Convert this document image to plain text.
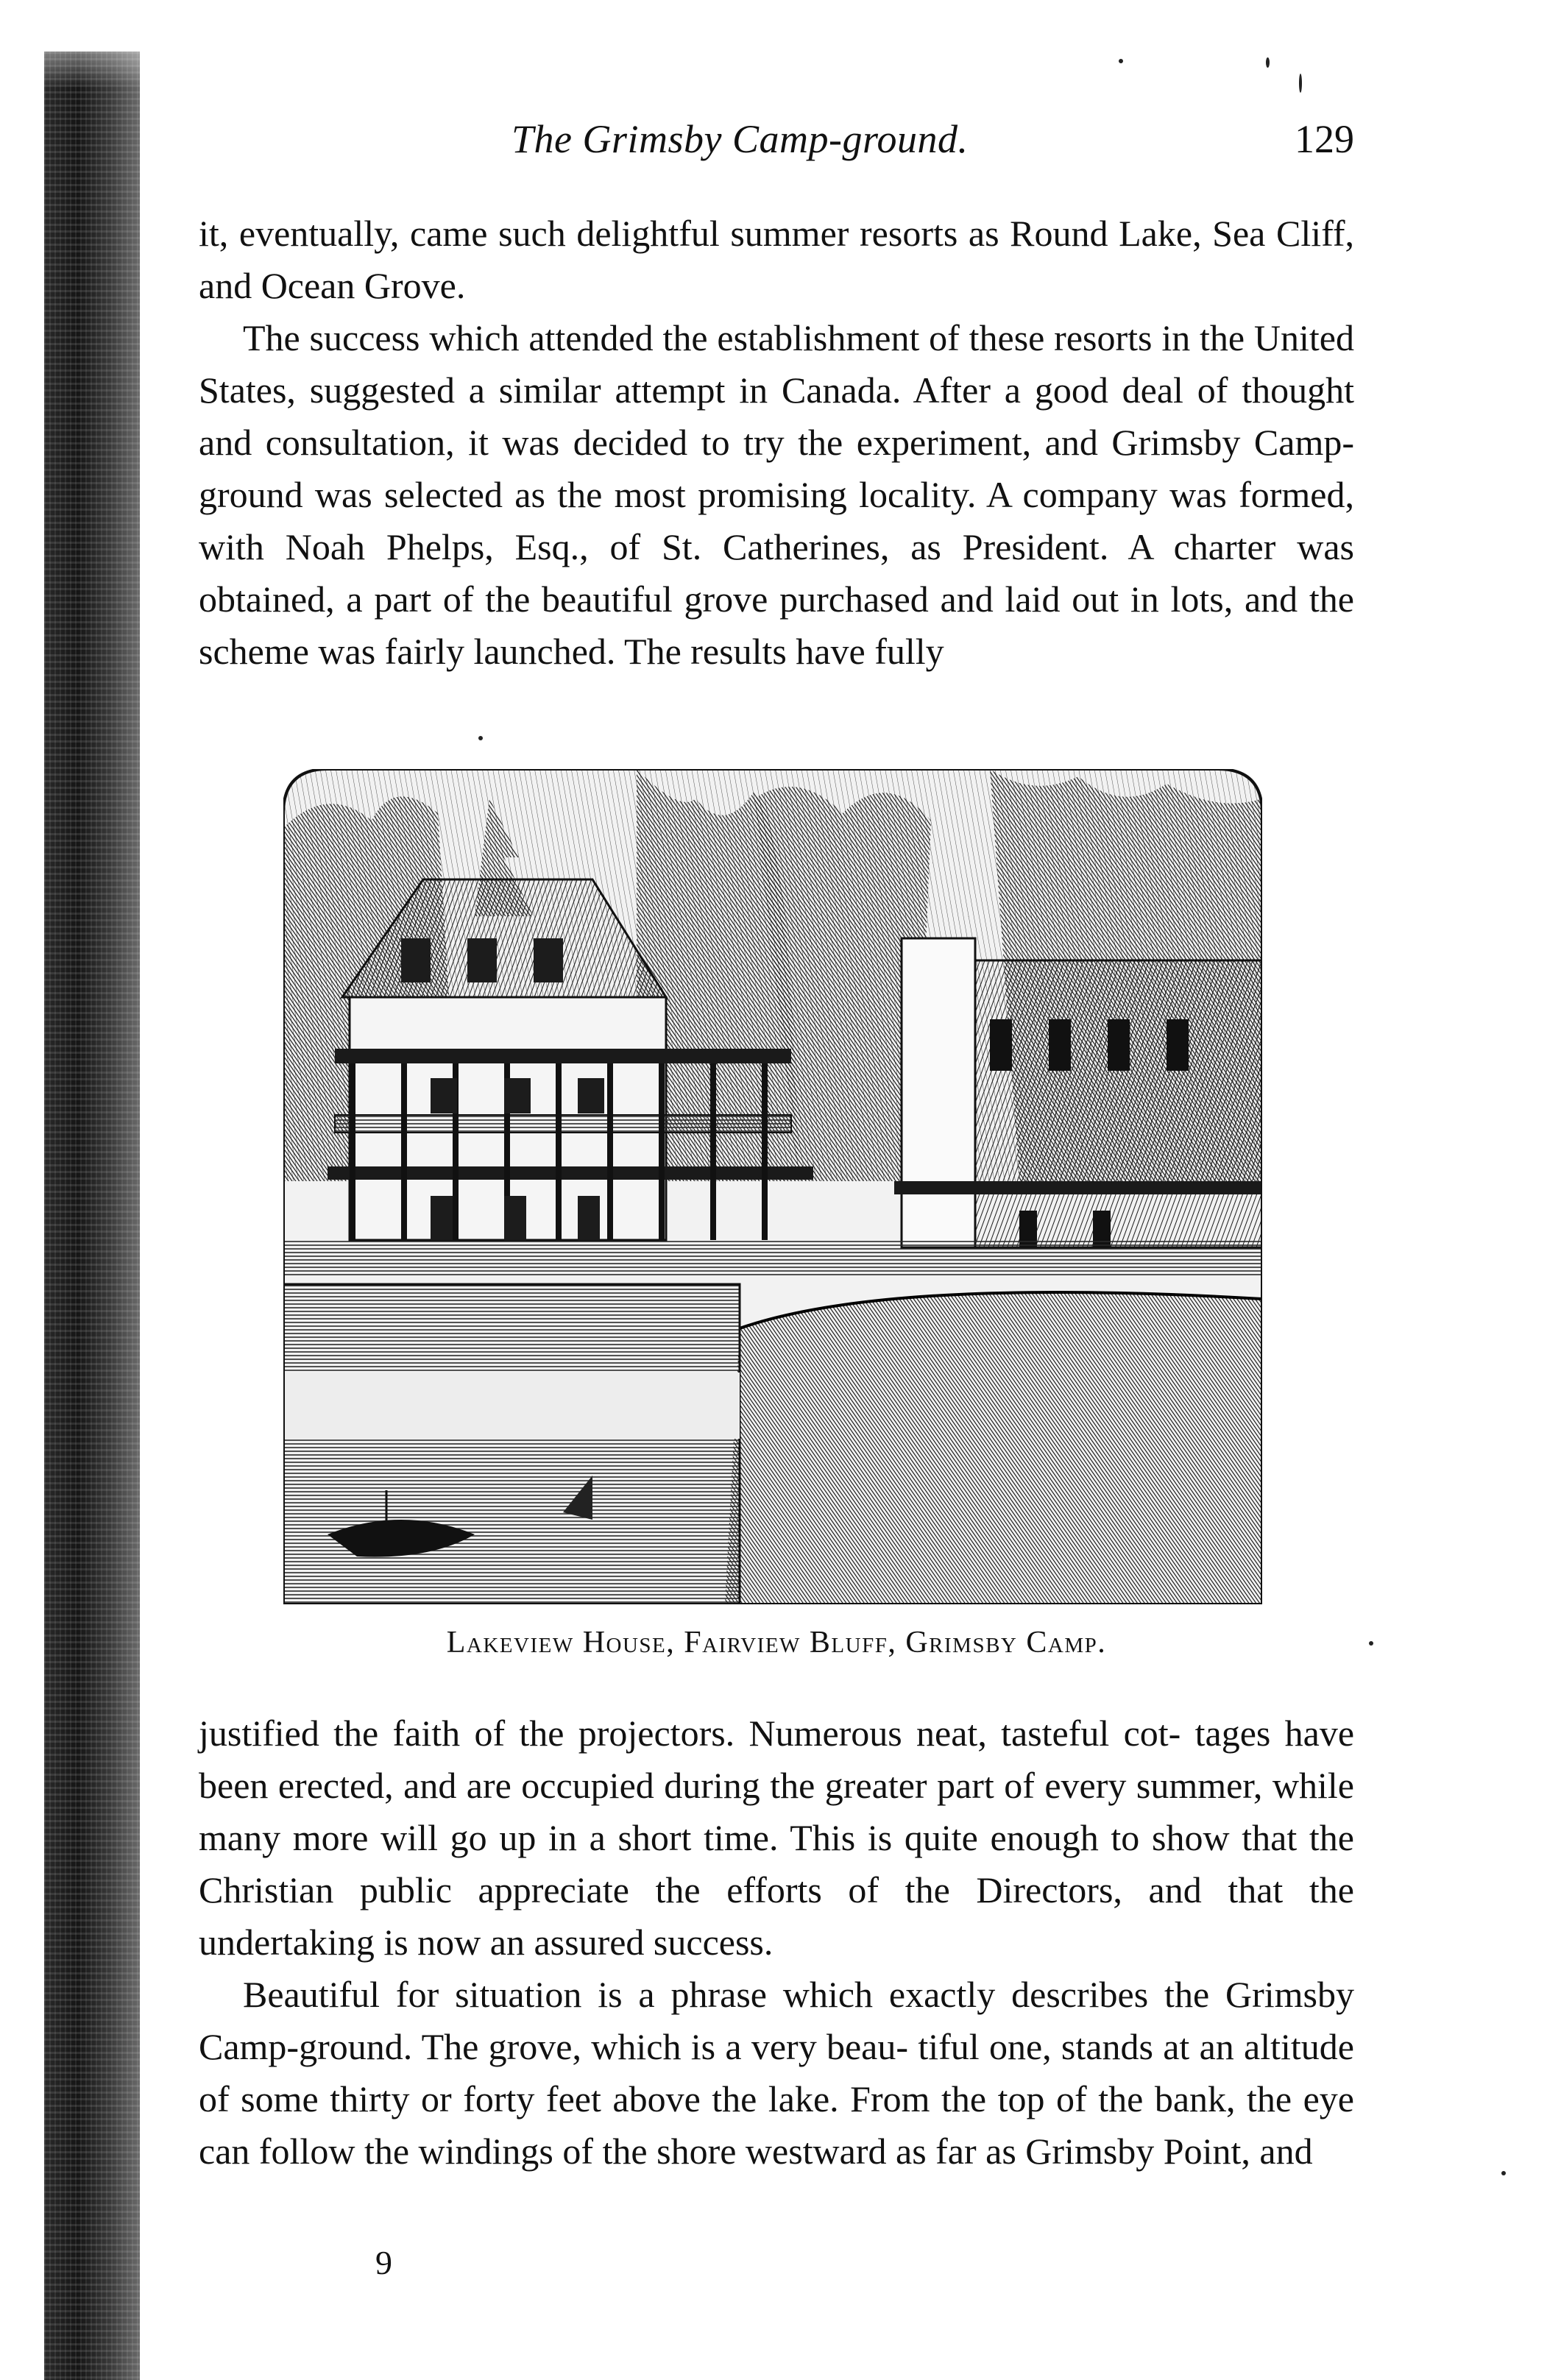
The Grimsby Camp-ground.	129

it, eventually, came such delightful summer resorts as Round Lake, Sea Cliff, and Ocean Grove.

The success which attended the establishment of these resorts in the United States, suggested a similar attempt in Canada. After a good deal of thought and consultation, it was decided to try the experiment, and Grimsby Camp-ground was selected as the most promising locality. A company was formed, with Noah Phelps, Esq., of St. Catherines, as President. A charter was obtained, a part of the beautiful grove purchased and laid out in lots, and the scheme was fairly launched. The results have fully

Lakeview House, Fairview Bluff, Grimsby Camp.

justified the faith of the projectors. Numerous neat, tasteful cot- tages have been erected, and are occupied during the greater part of every summer, while many more will go up in a short time. This is quite enough to show that the Christian public appreciate the efforts of the Directors, and that the undertaking is now an assured success.

Beautiful for situation is a phrase which exactly describes the Grimsby Camp-ground. The grove, which is a very beau- tiful one, stands at an altitude of some thirty or forty feet above the lake. From the top of the bank, the eye can follow the windings of the shore westward as far as Grimsby Point, and

9
